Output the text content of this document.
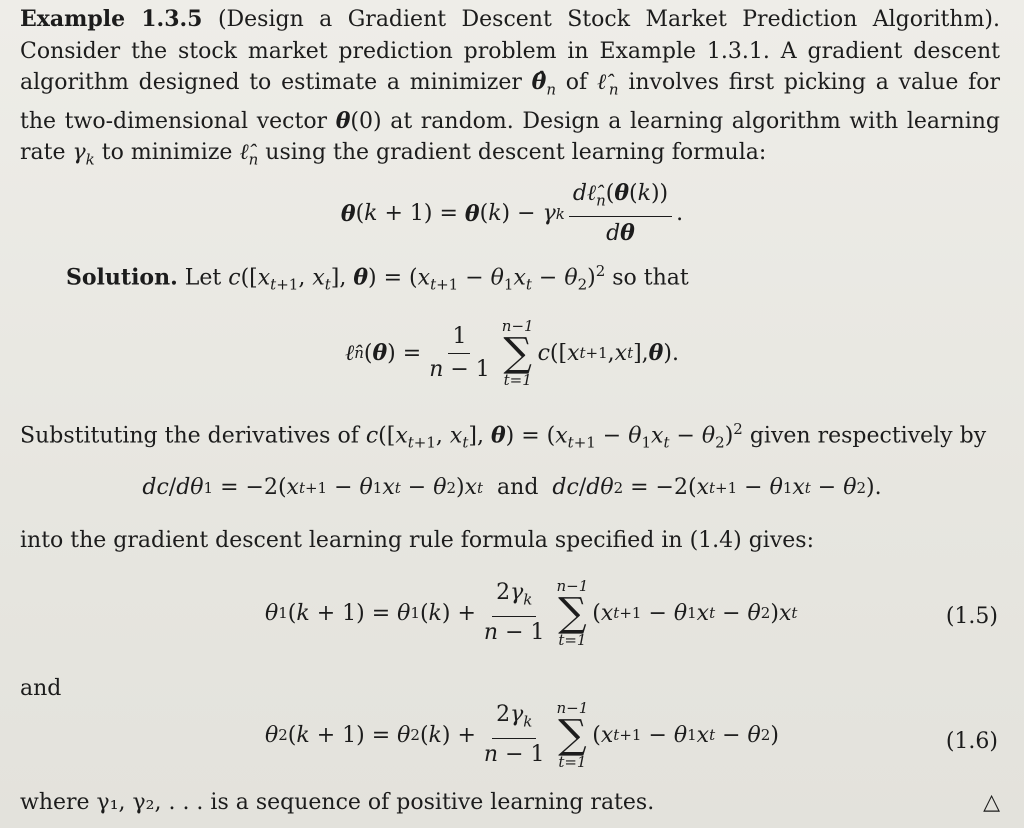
Example 1.3.5 (Design a Gradient Descent Stock Market Prediction Algorithm). Consider the stock market prediction problem in Example 1.3.1. A gradient descent algorithm designed to estimate a minimizer $\thetâ_n$ of $\ell̂_n$ involves first picking a value for the two-dimensional vector θ(0) at random. Design a learning algorithm with learning rate $\gamma_k$ to minimize $\ell̂_n$ using the gradient descent learning formula:
θ ( k + 1) = θ ( k ) − γ k $\frac{d\ell̂_n(\theta(k))}{d\theta}$ .
Solution. Let $c([x_{t+1}$, $x_t$], $\theta) = (x_{t+1} - \theta_1x_t - \theta_2)^2$ so that
ℓ̂ n ( θ ) = $\frac{1}{n - 1} n-1$
∑
t=1
c ([ x t+1 , x t ], θ ).
Substituting the derivatives of $c([x_{t+1}$, $x_t$], $\theta) = (x_{t+1} - \theta_1x_t - \theta_2)^2$ given respectively by
dc / dθ 1 = −2( x t+1 − θ 1 x t − θ 2 ) x t
and
dc / dθ 2 = −2( x t+1 − θ 1 x t − θ 2 ).
into the gradient descent learning rule formula specified in (1.4) gives:
θ 1 ( k + 1) = θ 1 ( k ) + $\frac{2\gamma_k}{n - 1} n-1$
∑
t=1
( x t+1 − θ 1 x t − θ 2 ) x t	(1.5)
and
θ 2 ( k + 1) = θ 2 ( k ) + $\frac{2\gamma_k}{n - 1} n-1$
∑
t=1
( x t+1 − θ 1 x t − θ 2 )	(1.6)
where γ₁, γ₂, . . . is a sequence of positive learning rates.	△
